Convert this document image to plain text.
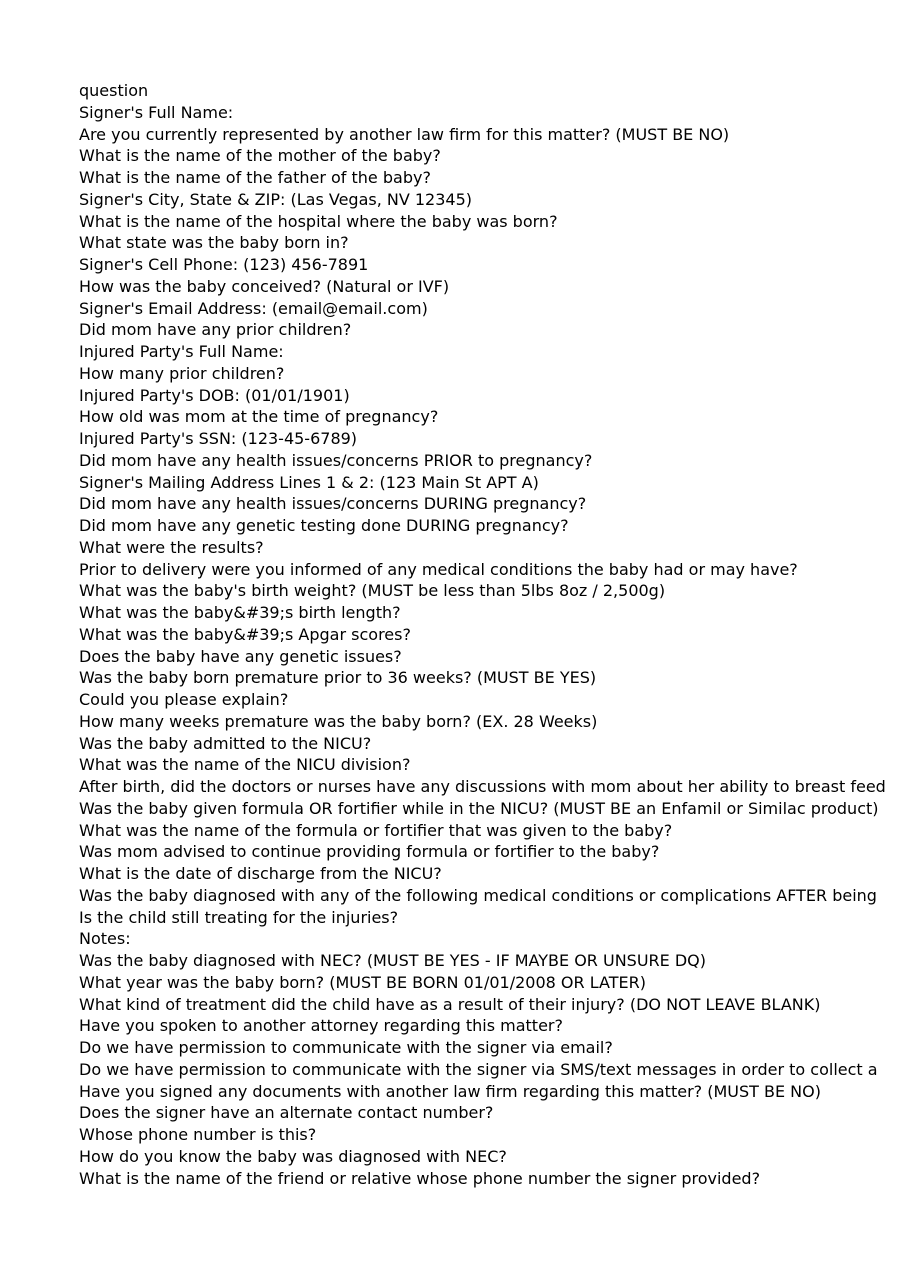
question
Signer's Full Name:
Are you currently represented by another law firm for this matter? (MUST BE NO)
What is the name of the mother of the baby?
What is the name of the father of the baby?
Signer's City, State & ZIP: (Las Vegas, NV 12345)
What is the name of the hospital where the baby was born?
What state was the baby born in?
Signer's Cell Phone: (123) 456-7891
How was the baby conceived? (Natural or IVF)
Signer's Email Address: (email@email.com)
Did mom have any prior children?
Injured Party's Full Name:
How many prior children?
Injured Party's DOB: (01/01/1901)
How old was mom at the time of pregnancy?
Injured Party's SSN: (123-45-6789)
Did mom have any health issues/concerns PRIOR to pregnancy?
Signer's Mailing Address Lines 1 & 2: (123 Main St APT A)
Did mom have any health issues/concerns DURING pregnancy?
Did mom have any genetic testing done DURING pregnancy?
What were the results?
Prior to delivery were you informed of any medical conditions the baby had or may have?
What was the baby's birth weight? (MUST be less than 5lbs 8oz / 2,500g)
What was the baby&#39;s birth length?
What was the baby&#39;s Apgar scores?
Does the baby have any genetic issues?
Was the baby born premature prior to 36 weeks? (MUST BE YES)
Could you please explain?
How many weeks premature was the baby born? (EX. 28 Weeks)
Was the baby admitted to the NICU?
What was the name of the NICU division?
After birth, did the doctors or nurses have any discussions with mom about her ability to breast feed
Was the baby given formula OR fortifier while in the NICU? (MUST BE an Enfamil or Similac product)
What was the name of the formula or fortifier that was given to the baby?
Was mom advised to continue providing formula or fortifier to the baby?
What is the date of discharge from the NICU?
Was the baby diagnosed with any of the following medical conditions or complications AFTER being
Is the child still treating for the injuries?
Notes:
Was the baby diagnosed with NEC? (MUST BE YES - IF MAYBE OR UNSURE DQ)
What year was the baby born? (MUST BE BORN 01/01/2008 OR LATER)
What kind of treatment did the child have as a result of their injury? (DO NOT LEAVE BLANK)
Have you spoken to another attorney regarding this matter?
Do we have permission to communicate with the signer via email?
Do we have permission to communicate with the signer via SMS/text messages in order to collect a
Have you signed any documents with another law firm regarding this matter? (MUST BE NO)
Does the signer have an alternate contact number?
Whose phone number is this?
How do you know the baby was diagnosed with NEC?
What is the name of the friend or relative whose phone number the signer provided?
